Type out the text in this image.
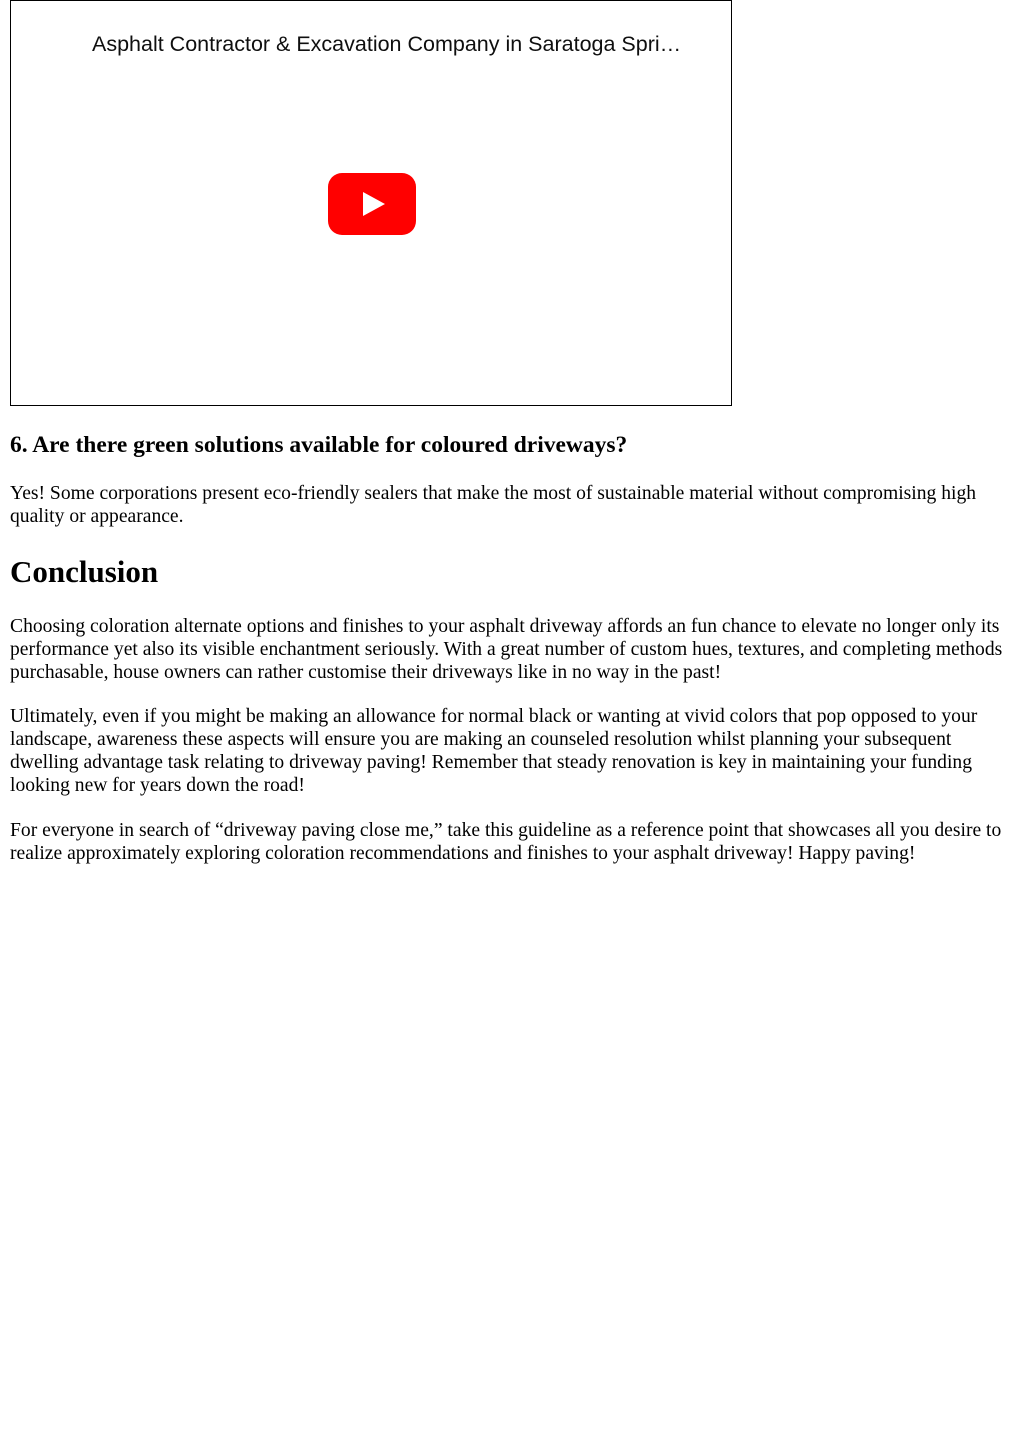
Asphalt Contractor & Excavation Company in Saratoga Spri…
6. Are there green solutions available for coloured driveways?

Yes! Some corporations present eco-friendly sealers that make the most of sustainable material without compromising high quality or appearance.

Conclusion

Choosing coloration alternate options and finishes to your asphalt driveway affords an fun chance to elevate no longer only its performance yet also its visible enchantment seriously. With a great number of custom hues, textures, and completing methods purchasable, house owners can rather customise their driveways like in no way in the past!

Ultimately, even if you might be making an allowance for normal black or wanting at vivid colors that pop opposed to your landscape, awareness these aspects will ensure you are making an counseled resolution whilst planning your subsequent dwelling advantage task relating to driveway paving! Remember that steady renovation is key in maintaining your funding looking new for years down the road!

For everyone in search of “driveway paving close me,” take this guideline as a reference point that showcases all you desire to realize approximately exploring coloration recommendations and finishes to your asphalt driveway! Happy paving!
